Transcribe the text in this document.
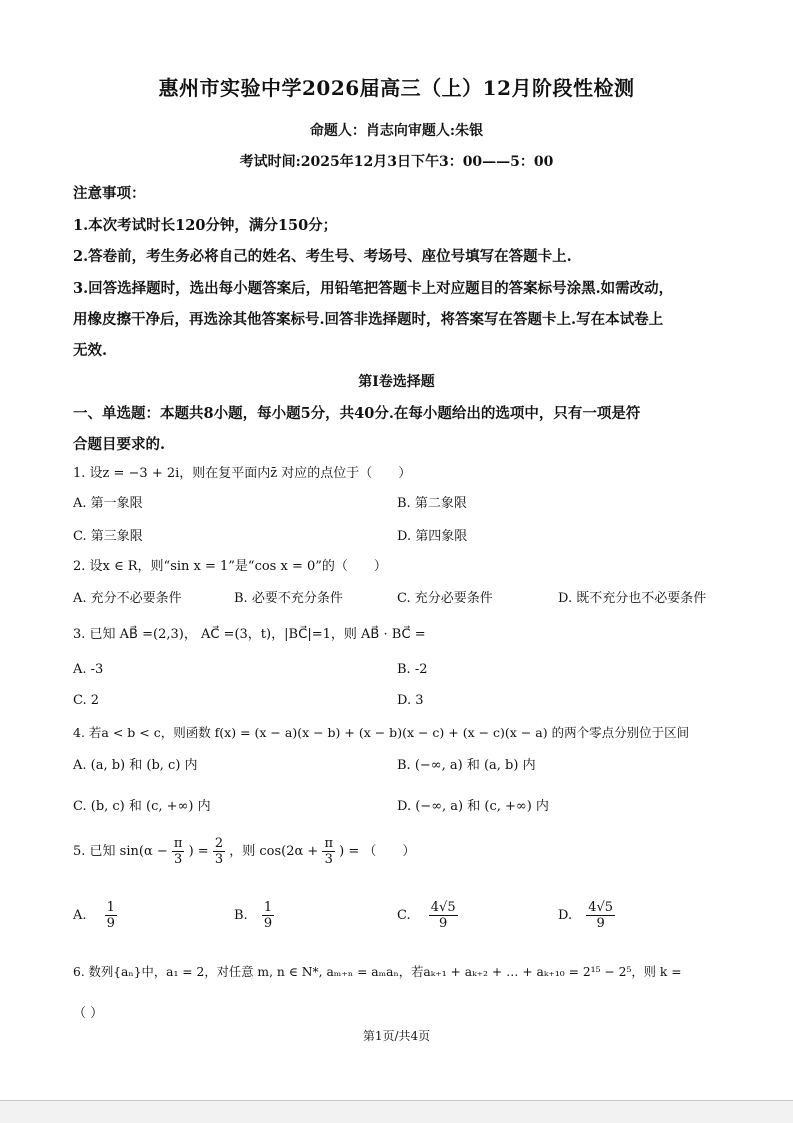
惠州市实验中学2026届高三（上）12月阶段性检测
命题人：肖志向审题人:朱银
考试时间:2025年12月3日下午3：00——5：00
注意事项：
1.本次考试时长120分钟，满分150分；
2.答卷前，考生务必将自己的姓名、考生号、考场号、座位号填写在答题卡上.
3.回答选择题时，选出每小题答案后，用铅笔把答题卡上对应题目的答案标号涂黑.如需改动，
用橡皮擦干净后，再选涂其他答案标号.回答非选择题时，将答案写在答题卡上.写在本试卷上
无效.
第I卷选择题
一、单选题：本题共8小题，每小题5分，共40分.在每小题给出的选项中，只有一项是符
合题目要求的.
1. 设z = −3 + 2i，则在复平面内z̄ 对应的点位于（　　）
A. 第一象限	B. 第二象限
C. 第三象限	D. 第四象限
2. 设x ∈ R，则“sin x = 1”是“cos x = 0”的（　　）
A. 充分不必要条件	B. 必要不充分条件	C. 充分必要条件	D. 既不充分也不必要条件
3. 已知 AB⃗ =(2,3)， AC⃗ =(3，t)，|BC⃗|=1，则 AB⃗ · BC⃗ =
A. -3	B. -2
C. 2	D. 3
4. 若a < b < c，则函数 f(x) = (x − a)(x − b) + (x − b)(x − c) + (x − c)(x − a) 的两个零点分别位于区间
A. (a, b) 和 (b, c) 内	B. (−∞, a) 和 (a, b) 内
C. (b, c) 和 (c, +∞) 内	D. (−∞, a) 和 (c, +∞) 内
5. 已知 $\sin(\alpha - \frac{\pi}{3}$ ) = $\frac{2}{3}$ ，则 $\cos(2\alpha + \frac{\pi}{3}$ ) = （　　）
A. $\frac{1}{9}$	B. $\frac{1}{9}$	C. $\frac{4√5}{9}$	D. $\frac{4√5}{9}$
6. 数列{aₙ}中，a₁ = 2，对任意 m, n ∈ N*, aₘ₊ₙ = aₘaₙ，若aₖ₊₁ + aₖ₊₂ + … + aₖ₊₁₀ = 2¹⁵ − 2⁵，则 k =
（ ）
第1页/共4页
